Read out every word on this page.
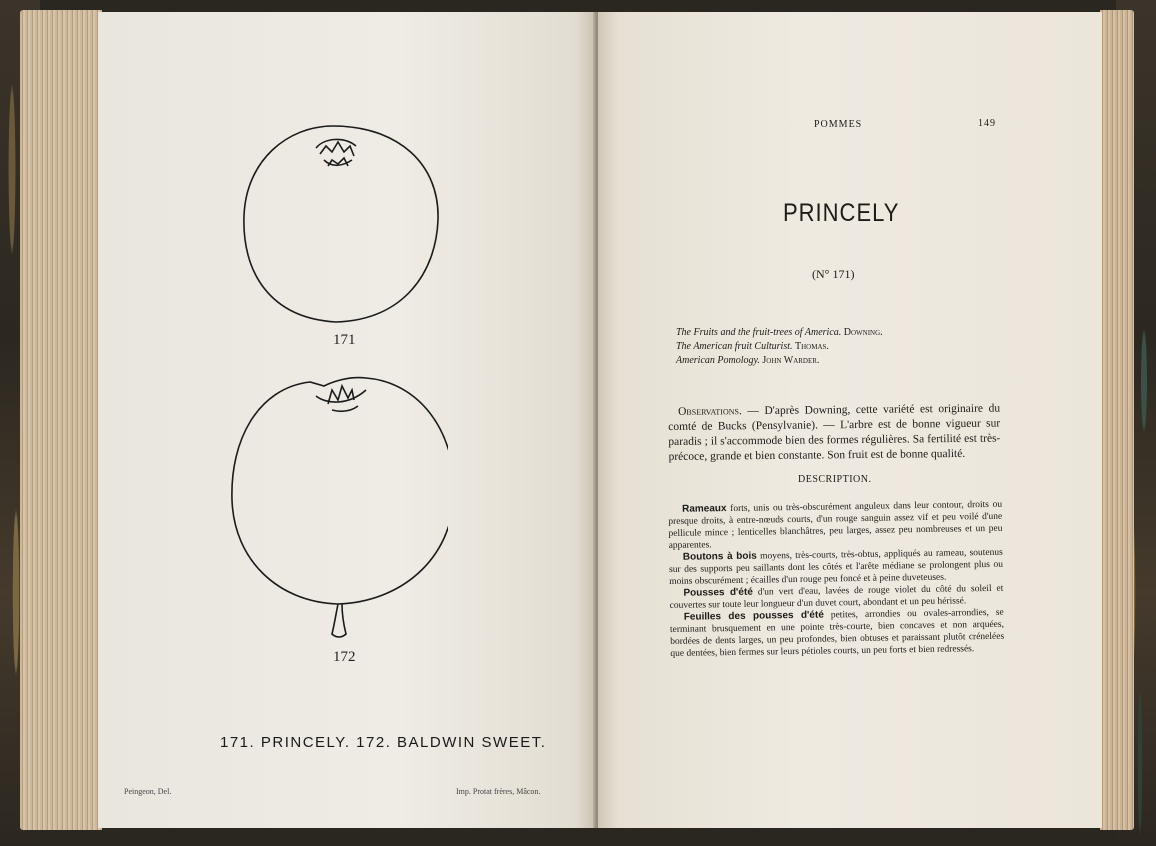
171
172
171. PRINCELY. 172. BALDWIN SWEET.
Peingeon, Del.	Imp. Protat frères, Mâcon.
POMMES	149
PRINCELY
(N° 171)
The Fruits and the fruit-trees of America. Downing.
The American fruit Culturist. Thomas.
American Pomology. John Warder.
Observations. — D'après Downing, cette variété est originaire du comté de Bucks (Pensylvanie). — L'arbre est de bonne vigueur sur paradis ; il s'accommode bien des formes régulières. Sa fertilité est très-précoce, grande et bien constante. Son fruit est de bonne qualité.
DESCRIPTION.

Rameaux forts, unis ou très-obscurément anguleux dans leur contour, droits ou presque droits, à entre-nœuds courts, d'un rouge sanguin assez vif et peu voilé d'une pellicule mince ; lenticelles blanchâtres, peu larges, assez peu nombreuses et un peu apparentes.

Boutons à bois moyens, très-courts, très-obtus, appliqués au rameau, soutenus sur des supports peu saillants dont les côtés et l'arête médiane se prolongent plus ou moins obscurément ; écailles d'un rouge peu foncé et à peine duveteuses.

Pousses d'été d'un vert d'eau, lavées de rouge violet du côté du soleil et couvertes sur toute leur longueur d'un duvet court, abondant et un peu hérissé.

Feuilles des pousses d'été petites, arrondies ou ovales-arrondies, se terminant brusquement en une pointe très-courte, bien concaves et non arquées, bordées de dents larges, un peu profondes, bien obtuses et paraissant plutôt crénelées que dentées, bien fermes sur leurs pétioles courts, un peu forts et bien redressés.
